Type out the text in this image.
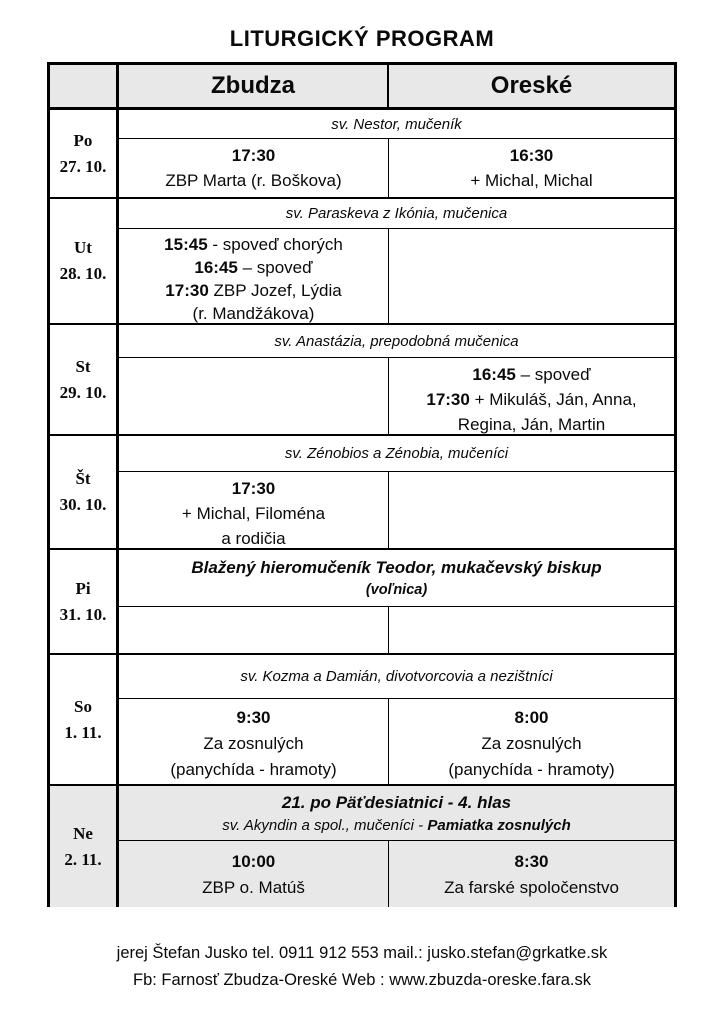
LITURGICKÝ PROGRAM
Zbudza	Oreské
Po
27. 10.
sv. Nestor, mučeník
17:30
ZBP Marta (r. Boškova)
16:30
+ Michal, Michal
Ut
28. 10.
sv. Paraskeva z Ikónia, mučenica
15:45 - spoveď chorých
16:45 – spoveď
17:30 ZBP Jozef, Lýdia
(r. Mandžákova)
St
29. 10.
sv. Anastázia, prepodobná mučenica
16:45 – spoveď
17:30 + Mikuláš, Ján, Anna,
Regina, Ján, Martin
Št
30. 10.
sv. Zénobios a Zénobia, mučeníci
17:30
+ Michal, Filoména
a rodičia
Pi
31. 10.
Blažený hieromučeník Teodor, mukačevský biskup
(voľnica)
So
1. 11.
sv. Kozma a Damián, divotvorcovia a nezištníci
9:30
Za zosnulých
(panychída - hramoty)
8:00
Za zosnulých
(panychída - hramoty)
Ne
2. 11.
21. po Päťdesiatnici - 4. hlas
sv. Akyndin a spol., mučeníci - Pamiatka zosnulých
10:00
ZBP o. Matúš
8:30
Za farské spoločenstvo
jerej Štefan Jusko tel. 0911 912 553 mail.: jusko.stefan@grkatke.sk
Fb: Farnosť Zbudza-Oreské Web : www.zbuzda-oreske.fara.sk
